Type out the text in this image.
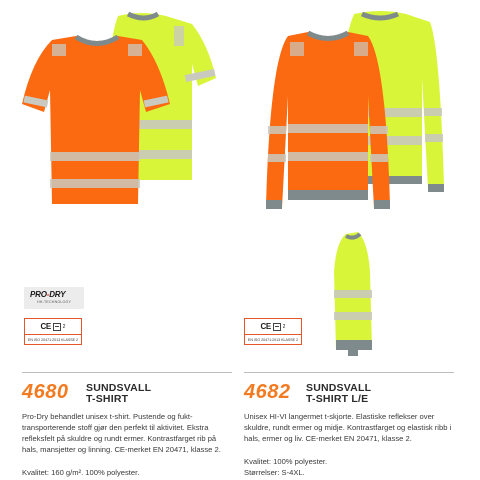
PRO-DRY
HH-TECHNOLOGY
CE 2
EN ISO 20471:2013 KLASSE 2
CE 2
EN ISO 20471:2013 KLASSE 2
4680 SUNDSVALL
T-SHIRT
Pro-Dry behandlet unisex t-shirt. Pustende og fukt-transporterende stoff gjør den perfekt til aktivitet. Ekstra refleksfelt på skuldre og rundt ermer. Kontrastfarget rib på hals, mansjetter og linning. CE-merket EN 20471, klasse 2.
Kvalitet: 160 g/m². 100% polyester.
4682 SUNDSVALL
T-SHIRT L/E
Unisex HI-VI langermet t-skjorte. Elastiske reflekser over skuldre, rundt ermer og midje. Kontrastfarget og elastisk ribb i hals, ermer og liv. CE-merket EN 20471, klasse 2.
Kvalitet: 100% polyester.
Størrelser: S-4XL.
